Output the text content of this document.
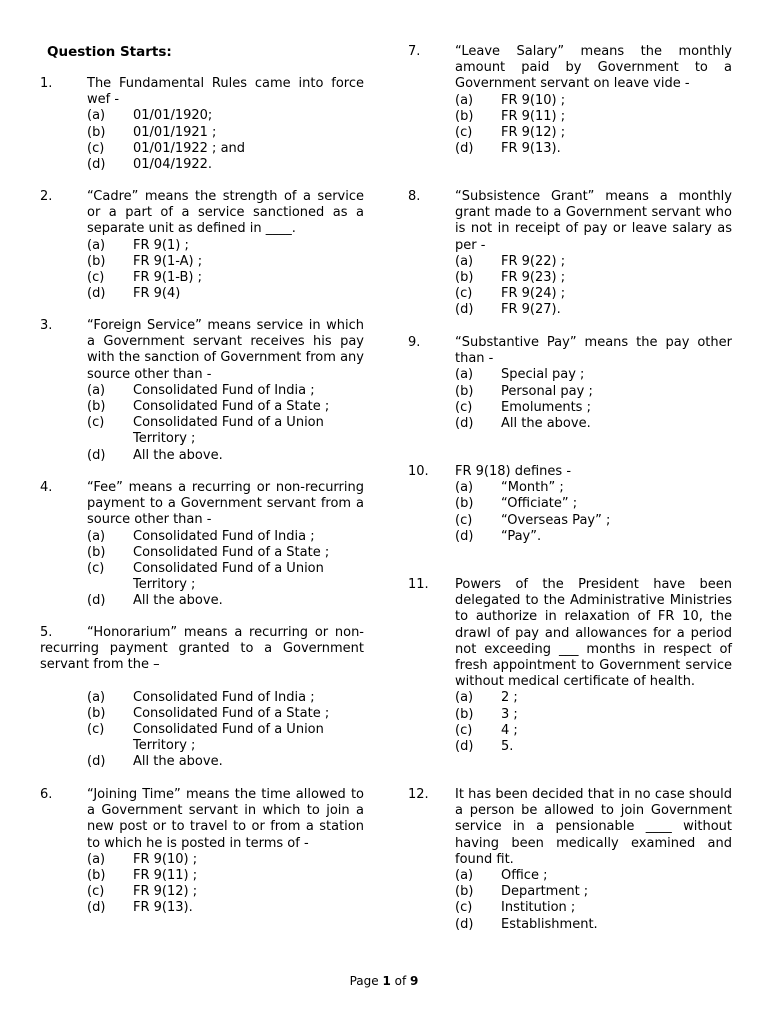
Question Starts:
1.	The Fundamental Rules came into force wef -
(a) 01/01/1920;
(b) 01/01/1921 ;
(c) 01/01/1922 ; and
(d) 01/04/1922.
2.	“Cadre” means the strength of a service or a part of a service sanctioned as a separate unit as defined in ____.
(a) FR 9(1) ;
(b) FR 9(1-A) ;
(c) FR 9(1-B) ;
(d) FR 9(4)
3.	“Foreign Service” means service in which a Government servant receives his pay with the sanction of Government from any source other than -
(a) Consolidated Fund of India ;
(b) Consolidated Fund of a State ;
(c) Consolidated Fund of a Union Territory ;
(d) All the above.
4.	“Fee” means a recurring or non-recurring payment to a Government servant from a source other than -
(a) Consolidated Fund of India ;
(b) Consolidated Fund of a State ;
(c) Consolidated Fund of a Union Territory ;
(d) All the above.
5.	“Honorarium” means a recurring or non-recurring payment granted to a Government servant from the –
(a) Consolidated Fund of India ;
(b) Consolidated Fund of a State ;
(c) Consolidated Fund of a Union Territory ;
(d) All the above.
6.	“Joining Time” means the time allowed to a Government servant in which to join a new post or to travel to or from a station to which he is posted in terms of -
(a) FR 9(10) ;
(b) FR 9(11) ;
(c) FR 9(12) ;
(d) FR 9(13).
7.	“Leave Salary” means the monthly amount paid by Government to a Government servant on leave vide -
(a) FR 9(10) ;
(b) FR 9(11) ;
(c) FR 9(12) ;
(d) FR 9(13).
8.	“Subsistence Grant” means a monthly grant made to a Government servant who is not in receipt of pay or leave salary as per -
(a) FR 9(22) ;
(b) FR 9(23) ;
(c) FR 9(24) ;
(d) FR 9(27).
9.	“Substantive Pay” means the pay other than -
(a) Special pay ;
(b) Personal pay ;
(c) Emoluments ;
(d) All the above.
10. FR 9(18) defines -
(a) “Month” ;
(b) “Officiate” ;
(c) “Overseas Pay” ;
(d) “Pay”.
11. Powers of the President have been delegated to the Administrative Ministries to authorize in relaxation of FR 10, the drawl of pay and allowances for a period not exceeding ___ months in respect of fresh appointment to Government service without medical certificate of health.
(a) 2 ;
(b) 3 ;
(c) 4 ;
(d) 5.
12. It has been decided that in no case should a person be allowed to join Government service in a pensionable ____ without having been medically examined and found fit.
(a) Office ;
(b) Department ;
(c) Institution ;
(d) Establishment.
Page 1 of 9
